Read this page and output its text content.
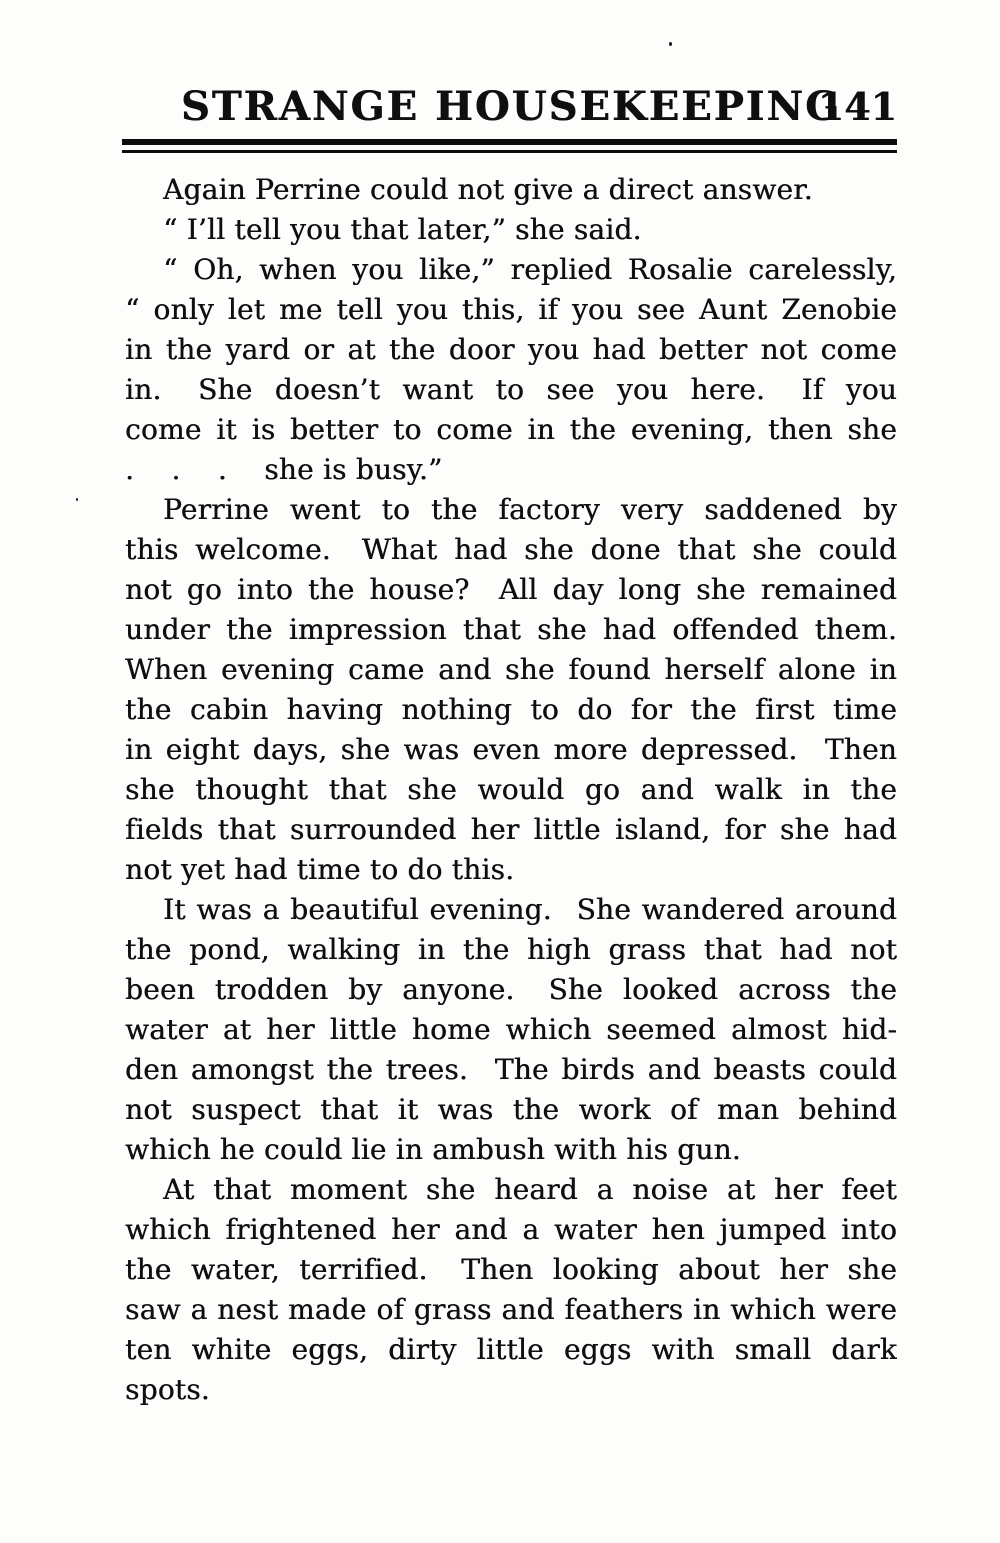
STRANGE HOUSEKEEPING
141
Again Perrine could not give a direct answer.
“ I’ll tell you that later,” she said.
“ Oh, when you like,” replied Rosalie carelessly,
“ only let me tell you this, if you see Aunt Zenobie
in the yard or at the door you had better not come
in.  She doesn’t want to see you here.  If you
come it is better to come in the evening, then she
.  .  .  she is busy.”
Perrine went to the factory very saddened by
this welcome.  What had she done that she could
not go into the house?  All day long she remained
under the impression that she had offended them.
When evening came and she found herself alone in
the cabin having nothing to do for the first time
in eight days, she was even more depressed.  Then
she thought that she would go and walk in the
fields that surrounded her little island, for she had
not yet had time to do this.
It was a beautiful evening.  She wandered around
the pond, walking in the high grass that had not
been trodden by anyone.  She looked across the
water at her little home which seemed almost hid-
den amongst the trees.  The birds and beasts could
not suspect that it was the work of man behind
which he could lie in ambush with his gun.
At that moment she heard a noise at her feet
which frightened her and a water hen jumped into
the water, terrified.  Then looking about her she
saw a nest made of grass and feathers in which were
ten white eggs, dirty little eggs with small dark
spots.
